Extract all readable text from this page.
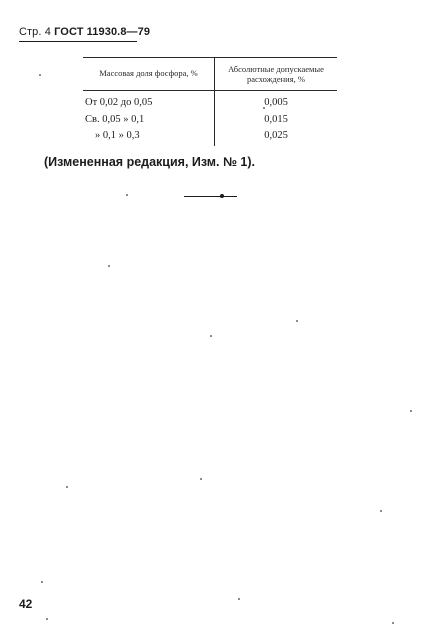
Стр. 4 ГОСТ 11930.8—79
Массовая доля фосфора, %	Абсолютные допускаемые расхождения, %
От 0,02 до 0,05	0,005
Св. 0,05 » 0,1	0,015
» 0,1 » 0,3	0,025
(Измененная редакция, Изм. № 1).
42
